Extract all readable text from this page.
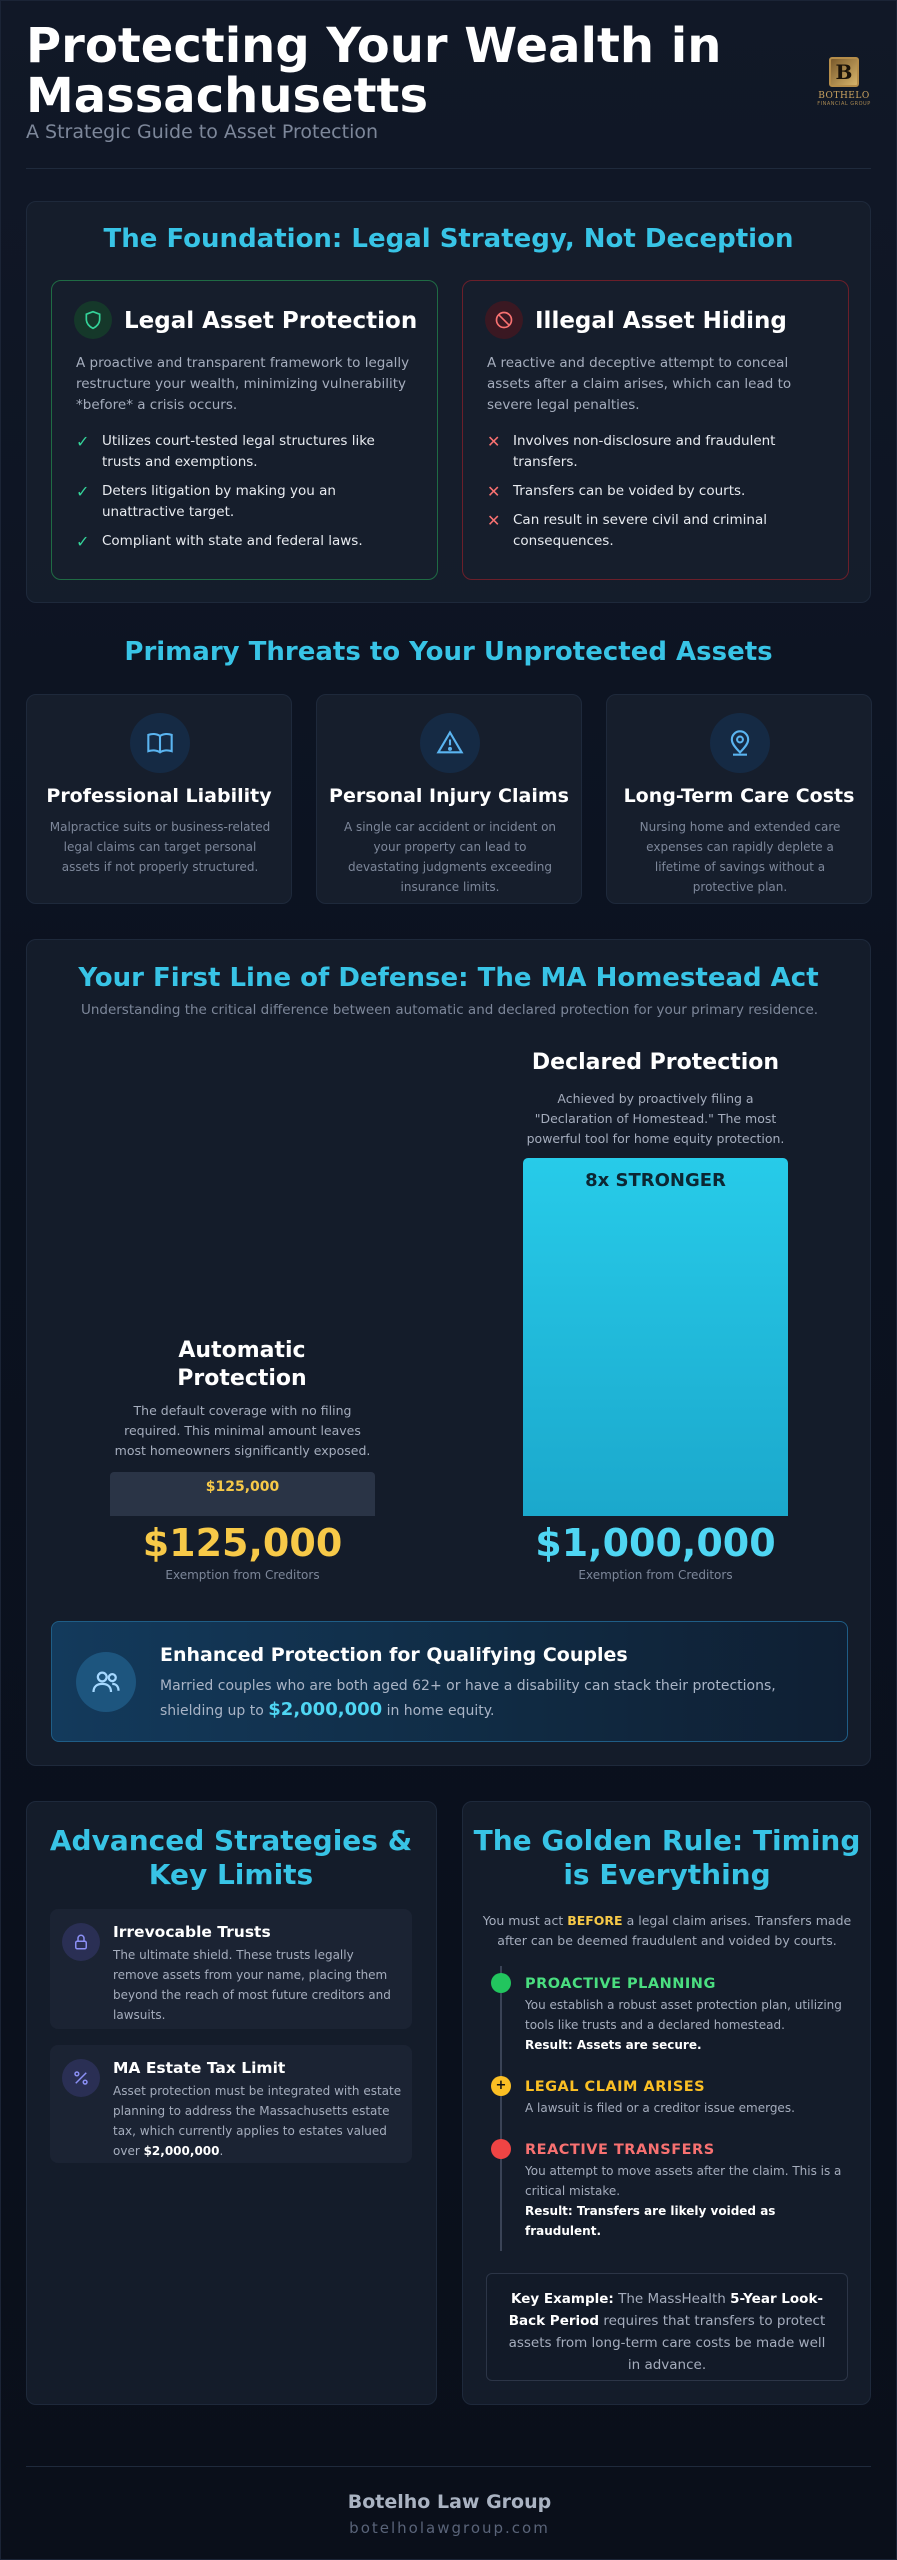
Protecting Your Wealth in Massachusetts
A Strategic Guide to Asset Protection
B
BOTHELO
FINANCIAL GROUP
The Foundation: Legal Strategy, Not Deception
Legal Asset Protection
A proactive and transparent framework to legally restructure your wealth, minimizing vulnerability *before* a crisis occurs.
✓ Utilizes court-tested legal structures like trusts and exemptions.
✓ Deters litigation by making you an unattractive target.
✓ Compliant with state and federal laws.
Illegal Asset Hiding
A reactive and deceptive attempt to conceal assets after a claim arises, which can lead to severe legal penalties.
✕ Involves non-disclosure and fraudulent transfers.
✕ Transfers can be voided by courts.
✕ Can result in severe civil and criminal consequences.
Primary Threats to Your Unprotected Assets
Professional Liability
Malpractice suits or business-related legal claims can target personal assets if not properly structured.
Personal Injury Claims
A single car accident or incident on your property can lead to devastating judgments exceeding insurance limits.
Long-Term Care Costs
Nursing home and extended care expenses can rapidly deplete a lifetime of savings without a protective plan.
Your First Line of Defense: The MA Homestead Act
Understanding the critical difference between automatic and declared protection for your primary residence.
Declared Protection
Achieved by proactively filing a "Declaration of Homestead." The most powerful tool for home equity protection.
8x STRONGER
Automatic Protection
The default coverage with no filing required. This minimal amount leaves most homeowners significantly exposed.
$125,000
$125,000
Exemption from Creditors
$1,000,000
Exemption from Creditors
Enhanced Protection for Qualifying Couples
Married couples who are both aged 62+ or have a disability can stack their protections, shielding up to $2,000,000 in home equity.
Advanced Strategies & Key Limits
Irrevocable Trusts
The ultimate shield. These trusts legally remove assets from your name, placing them beyond the reach of most future creditors and lawsuits.
MA Estate Tax Limit
Asset protection must be integrated with estate planning to address the Massachusetts estate tax, which currently applies to estates valued over $2,000,000.
The Golden Rule: Timing is Everything
You must act BEFORE a legal claim arises. Transfers made after can be deemed fraudulent and voided by courts.
PROACTIVE PLANNING
You establish a robust asset protection plan, utilizing tools like trusts and a declared homestead.
Result: Assets are secure.
+	LEGAL CLAIM ARISES
A lawsuit is filed or a creditor issue emerges.
REACTIVE TRANSFERS
You attempt to move assets after the claim. This is a critical mistake.
Result: Transfers are likely voided as fraudulent.
Key Example: The MassHealth 5-Year Look-Back Period requires that transfers to protect assets from long-term care costs be made well in advance.
Botelho Law Group
botelholawgroup.com
